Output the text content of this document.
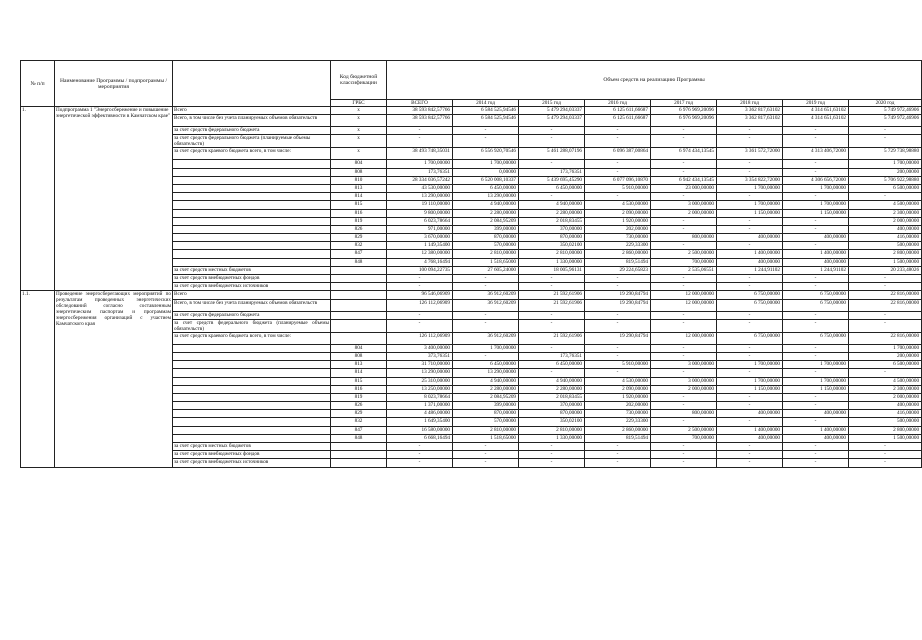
№ п/п	Наименование Программы / подпрограммы / мероприятия		Код бюджетной классификации	Объем средств на реализацию Программы							
			ГРБС	ВСЕГО	2014 год	2015 год	2016 год	2017 год	2018 год	2019 год	2020 год
1.	Подпрограмма 1 "Энергосбережение и повышение энергетической эффективности в Камчатском крае"	Всего	x	38 593 842,57766	6 584 525,94546	5 479 294,03337	6 125 611,66687	6 976 969,20096	3 362 817,63102	4 314 651,63102	5 749 972,46906
		Всего, в том числе без учета планируемых объемов обязательств	x	38 593 842,57766	6 584 525,94546	5 479 294,03337	6 125 611,66687	6 976 969,20096	3 362 817,63102	4 314 651,63102	5 749 972,46906
		за счет средств федерального бюджета	x	-	-	-	-	-	-	-	-
		за счет средств федерального бюджета (планируемые объемы обязательств)	x	-	-	-	-	-	-	-	-
		за счет средств краевого бюджета всего, в том числе:	x	38 493 748,35031	6 556 920,70546	5 461 288,07196	6 096 387,00864	6 974 434,13545	3 361 572,72000	4 313 406,72000	5 729 738,98880
			804	1 700,00000	1 700,00000	-	-	-	-	-	1 700,00000
			808	173,76351	0,00000	173,76351	-	-	-	-	200,00000
			810	28 334 036,57242	6 520 008,10337	5 439 695,45290	6 077 096,10870	6 942 434,13545	3 354 822,72000	4 306 656,72000	5 706 922,98880
			813	43 530,00000	6 450,00000	6 450,00000	5 910,00000	23 000,00000	1 700,00000	1 700,00000	6 500,00000
			814	13 290,00000	13 290,00000	-	-	-	-	-	-
			815	19 110,00000	4 940,00000	4 940,00000	4 530,00000	3 000,00000	1 700,00000	1 700,00000	4 500,00000
			816	9 800,00000	2 280,00000	2 280,00000	2 090,00000	2 000,00000	1 150,00000	1 150,00000	2 300,00000
			819	6 023,78664	2 084,95209	2 018,83455	1 920,00000	-	-	-	2 000,00000
			826	971,00000	399,00000	370,00000	202,00000	-	-	-	400,00000
			829	3 670,00000	870,00000	870,00000	730,00000	800,00000	400,00000	400,00000	416,00000
			832	1 149,35400	570,00000	350,02100	229,33300	-	-	-	500,00000
			847	12 380,00000	2 810,00000	2 810,00000	2 860,00000	2 500,00000	1 400,00000	1 400,00000	2 800,00000
			848	4 768,16494	1 518,65000	1 330,00000	819,51494	700,00000	400,00000	400,00000	1 500,00000
		за счет средств местных бюджетов		100 094,22735	27 605,24000	18 005,96131	29 224,65823	2 535,06551	1 244,91102	1 244,91102	20 233,48026
		за счет средств внебюджетных фондов		-	-	-	-	-	-	-	-
		за счет средств внебюджетных источников		-	-	-	-	-	-	-	-
1.1.	Проведение энергосберегающих мероприятий по результатам проведенных энергетических обследований согласно составленным энергетическим паспортам и программам энергосбережения организаций с участием Камчатского края	Всего		96 546,06909	36 912,60209	21 592,61906	19 290,84794	12 000,00000	6 750,00000	6 750,00000	22 816,00000
		Всего, в том числе без учета планируемых объемов обязательств		126 112,06909	36 912,60209	21 592,61906	19 290,84794	12 000,00000	6 750,00000	6 750,00000	22 816,00000
		за счет средств федерального бюджета		-	-	-	-	-	-	-	-
		за счет средств федерального бюджета (планируемые объемы обязательств)		-	-	-	-	-	-	-	-
		за счет средств краевого бюджета всего, в том числе:		126 112,06909	36 912,60209	21 592,61906	19 290,84794	12 000,00000	6 750,00000	6 750,00000	22 816,00000
			804	3 400,00000	1 700,00000	-	-	-	-	-	1 700,00000
			808	373,76351	-	173,76351	-	-	-	-	200,00000
			813	31 710,00000	6 450,00000	6 450,00000	5 910,00000	3 000,00000	1 700,00000	1 700,00000	6 500,00000
			814	13 290,00000	13 290,00000	-	-	-	-	-	-
			815	25 310,00000	4 940,00000	4 940,00000	4 530,00000	3 000,00000	1 700,00000	1 700,00000	4 500,00000
			816	13 250,00000	2 280,00000	2 280,00000	2 090,00000	2 000,00000	1 150,00000	1 150,00000	2 300,00000
			819	8 023,78664	2 084,95209	2 018,83455	1 920,00000	-	-	-	2 000,00000
			826	1 371,00000	399,00000	370,00000	202,00000	-	-	-	400,00000
			829	4 486,00000	870,00000	870,00000	730,00000	800,00000	400,00000	400,00000	416,00000
			832	1 649,35400	570,00000	350,02100	229,33300	-	-	-	500,00000
			847	16 580,00000	2 810,00000	2 810,00000	2 860,00000	2 500,00000	1 400,00000	1 400,00000	2 800,00000
			848	6 668,16494	1 518,65000	1 330,00000	819,51494	700,00000	400,00000	400,00000	1 500,00000
		за счет средств местных бюджетов		-	-	-	-	-	-	-	-
		за счет средств внебюджетных фондов		-	-	-	-	-	-	-	-
		за счет средств внебюджетных источников		-	-	-	-	-	-	-	-
